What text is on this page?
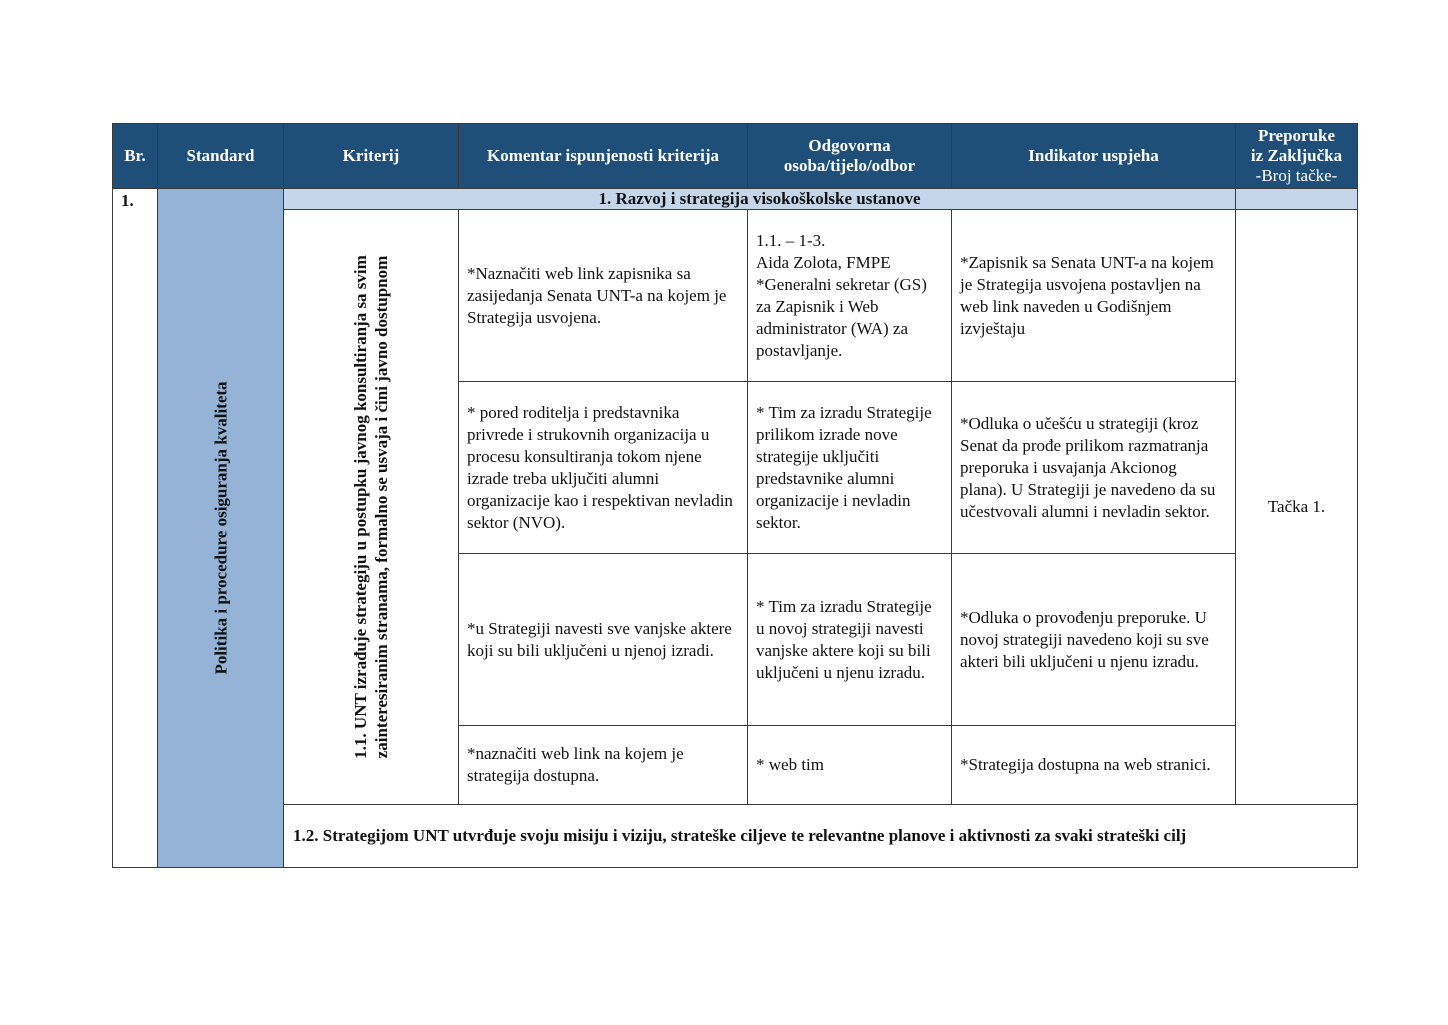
Br.	Standard	Kriterij	Komentar ispunjenosti kriterija	Odgovorna
osoba/tijelo/odbor	Indikator uspjeha	Preporuke
iz Zaključka
-Broj tačke-
1.	Politika i procedure osiguranja kvaliteta	1. Razvoj i strategija visokoškolske ustanove				

		1.1. UNT izrađuje strategiju u postupku javnog konsultiranja sa svim zainteresiranim stranama, formalno se usvaja i čini javno dostupnom	*Naznačiti web link zapisnika sa zasijedanja Senata UNT-a na kojem je Strategija usvojena.	1.1. – 1-3.
Aida Zolota, FMPE
*Generalni sekretar (GS) za Zapisnik i Web administrator (WA) za postavljanje.	*Zapisnik sa Senata UNT-a na kojem je Strategija usvojena postavljen na web link naveden u Godišnjem izvještaju	Tačka 1.
			* pored roditelja i predstavnika privrede i strukovnih organizacija u procesu konsultiranja tokom njene izrade treba uključiti alumni organizacije kao i respektivan nevladin sektor (NVO).	* Tim za izradu Strategije prilikom izrade nove strategije uključiti predstavnike alumni organizacije i nevladin sektor.	*Odluka o učešću u strategiji (kroz Senat da prođe prilikom razmatranja preporuka i usvajanja Akcionog plana). U Strategiji je navedeno da su učestvovali alumni i nevladin sektor.	
			*u Strategiji navesti sve vanjske aktere koji su bili uključeni u njenoj izradi.	* Tim za izradu Strategije u novoj strategiji navesti vanjske aktere koji su bili uključeni u njenu izradu.	*Odluka o provođenju preporuke. U novoj strategiji navedeno koji su sve akteri bili uključeni u njenu izradu.	
			*naznačiti web link na kojem je strategija dostupna.	* web tim	*Strategija dostupna na web stranici.	
		1.2. Strategijom UNT utvrđuje svoju misiju i viziju, strateške ciljeve te relevantne planove i aktivnosti za svaki strateški cilj				
